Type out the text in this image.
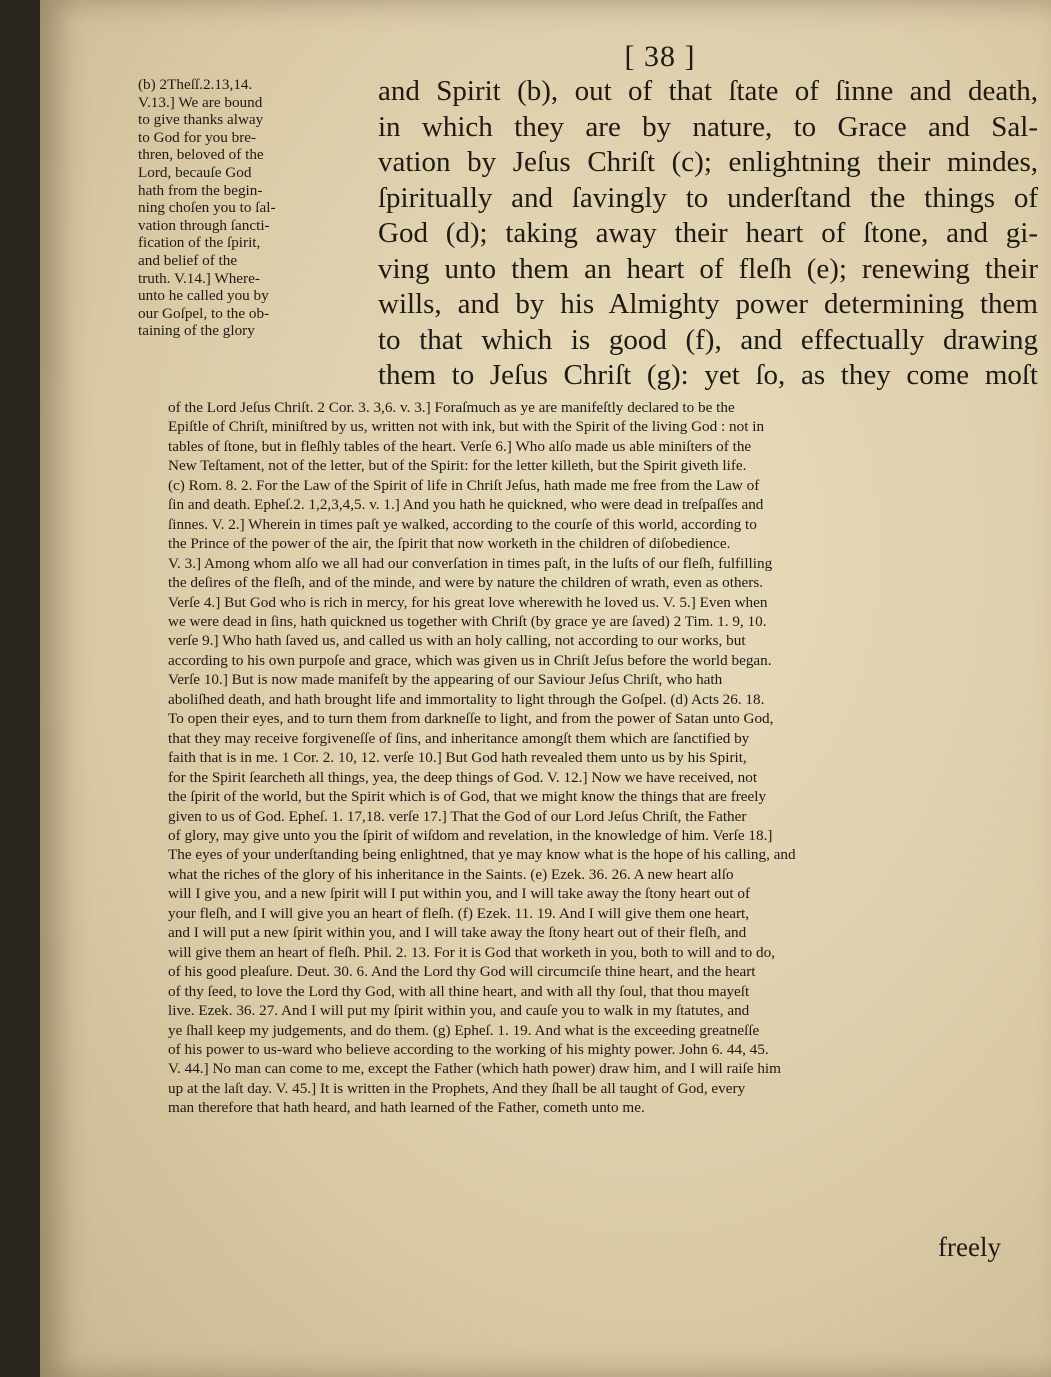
[ 38 ]
(b) 2Theſſ.2.13,14.
V.13.] We are bound
to give thanks alway
to God for you bre-
thren, beloved of the
Lord, becauſe God
hath from the begin-
ning choſen you to ſal-
vation through ſancti-
fication of the ſpirit,
and belief of the
truth. V.14.] Where-
unto he called you by
our Goſpel, to the ob-
taining of the glory
and Spirit (b), out of that ſtate of ſinne and death,
in which they are by nature, to Grace and Sal-
vation by Jeſus Chriſt (c); enlightning their mindes,
ſpiritually and ſavingly to underſtand the things of
God (d); taking away their heart of ſtone, and gi-
ving unto them an heart of fleſh (e); renewing their
wills, and by his Almighty power determining them
to that which is good (f), and effectually drawing
them to Jeſus Chriſt (g): yet ſo, as they come moſt
of the Lord Jeſus Chriſt. 2 Cor. 3. 3,6. v. 3.] Foraſmuch as ye are manifeſtly declared to be the
Epiſtle of Chriſt, miniſtred by us, written not with ink, but with the Spirit of the living God : not in
tables of ſtone, but in fleſhly tables of the heart. Verſe 6.] Who alſo made us able miniſters of the
New Teſtament, not of the letter, but of the Spirit: for the letter killeth, but the Spirit giveth life.
(c) Rom. 8. 2. For the Law of the Spirit of life in Chriſt Jeſus, hath made me free from the Law of
ſin and death. Epheſ.2. 1,2,3,4,5. v. 1.] And you hath he quickned, who were dead in treſpaſſes and
ſinnes. V. 2.] Wherein in times paſt ye walked, according to the courſe of this world, according to
the Prince of the power of the air, the ſpirit that now worketh in the children of diſobedience.
V. 3.] Among whom alſo we all had our converſation in times paſt, in the luſts of our fleſh, fulfilling
the deſires of the fleſh, and of the minde, and were by nature the children of wrath, even as others.
Verſe 4.] But God who is rich in mercy, for his great love wherewith he loved us. V. 5.] Even when
we were dead in ſins, hath quickned us together with Chriſt (by grace ye are ſaved) 2 Tim. 1. 9, 10.
verſe 9.] Who hath ſaved us, and called us with an holy calling, not according to our works, but
according to his own purpoſe and grace, which was given us in Chriſt Jeſus before the world began.
Verſe 10.] But is now made manifeſt by the appearing of our Saviour Jeſus Chriſt, who hath
aboliſhed death, and hath brought life and immortality to light through the Goſpel. (d) Acts 26. 18.
To open their eyes, and to turn them from darkneſſe to light, and from the power of Satan unto God,
that they may receive forgiveneſſe of ſins, and inheritance amongſt them which are ſanctified by
faith that is in me. 1 Cor. 2. 10, 12. verſe 10.] But God hath revealed them unto us by his Spirit,
for the Spirit ſearcheth all things, yea, the deep things of God. V. 12.] Now we have received, not
the ſpirit of the world, but the Spirit which is of God, that we might know the things that are freely
given to us of God. Epheſ. 1. 17,18. verſe 17.] That the God of our Lord Jeſus Chriſt, the Father
of glory, may give unto you the ſpirit of wiſdom and revelation, in the knowledge of him. Verſe 18.]
The eyes of your underſtanding being enlightned, that ye may know what is the hope of his calling, and
what the riches of the glory of his inheritance in the Saints. (e) Ezek. 36. 26. A new heart alſo
will I give you, and a new ſpirit will I put within you, and I will take away the ſtony heart out of
your fleſh, and I will give you an heart of fleſh. (f) Ezek. 11. 19. And I will give them one heart,
and I will put a new ſpirit within you, and I will take away the ſtony heart out of their fleſh, and
will give them an heart of fleſh. Phil. 2. 13. For it is God that worketh in you, both to will and to do,
of his good pleaſure. Deut. 30. 6. And the Lord thy God will circumciſe thine heart, and the heart
of thy ſeed, to love the Lord thy God, with all thine heart, and with all thy ſoul, that thou mayeſt
live. Ezek. 36. 27. And I will put my ſpirit within you, and cauſe you to walk in my ſtatutes, and
ye ſhall keep my judgements, and do them. (g) Epheſ. 1. 19. And what is the exceeding greatneſſe
of his power to us-ward who believe according to the working of his mighty power. John 6. 44, 45.
V. 44.] No man can come to me, except the Father (which hath power) draw him, and I will raiſe him
up at the laſt day. V. 45.] It is written in the Prophets, And they ſhall be all taught of God, every
man therefore that hath heard, and hath learned of the Father, cometh unto me.
freely
